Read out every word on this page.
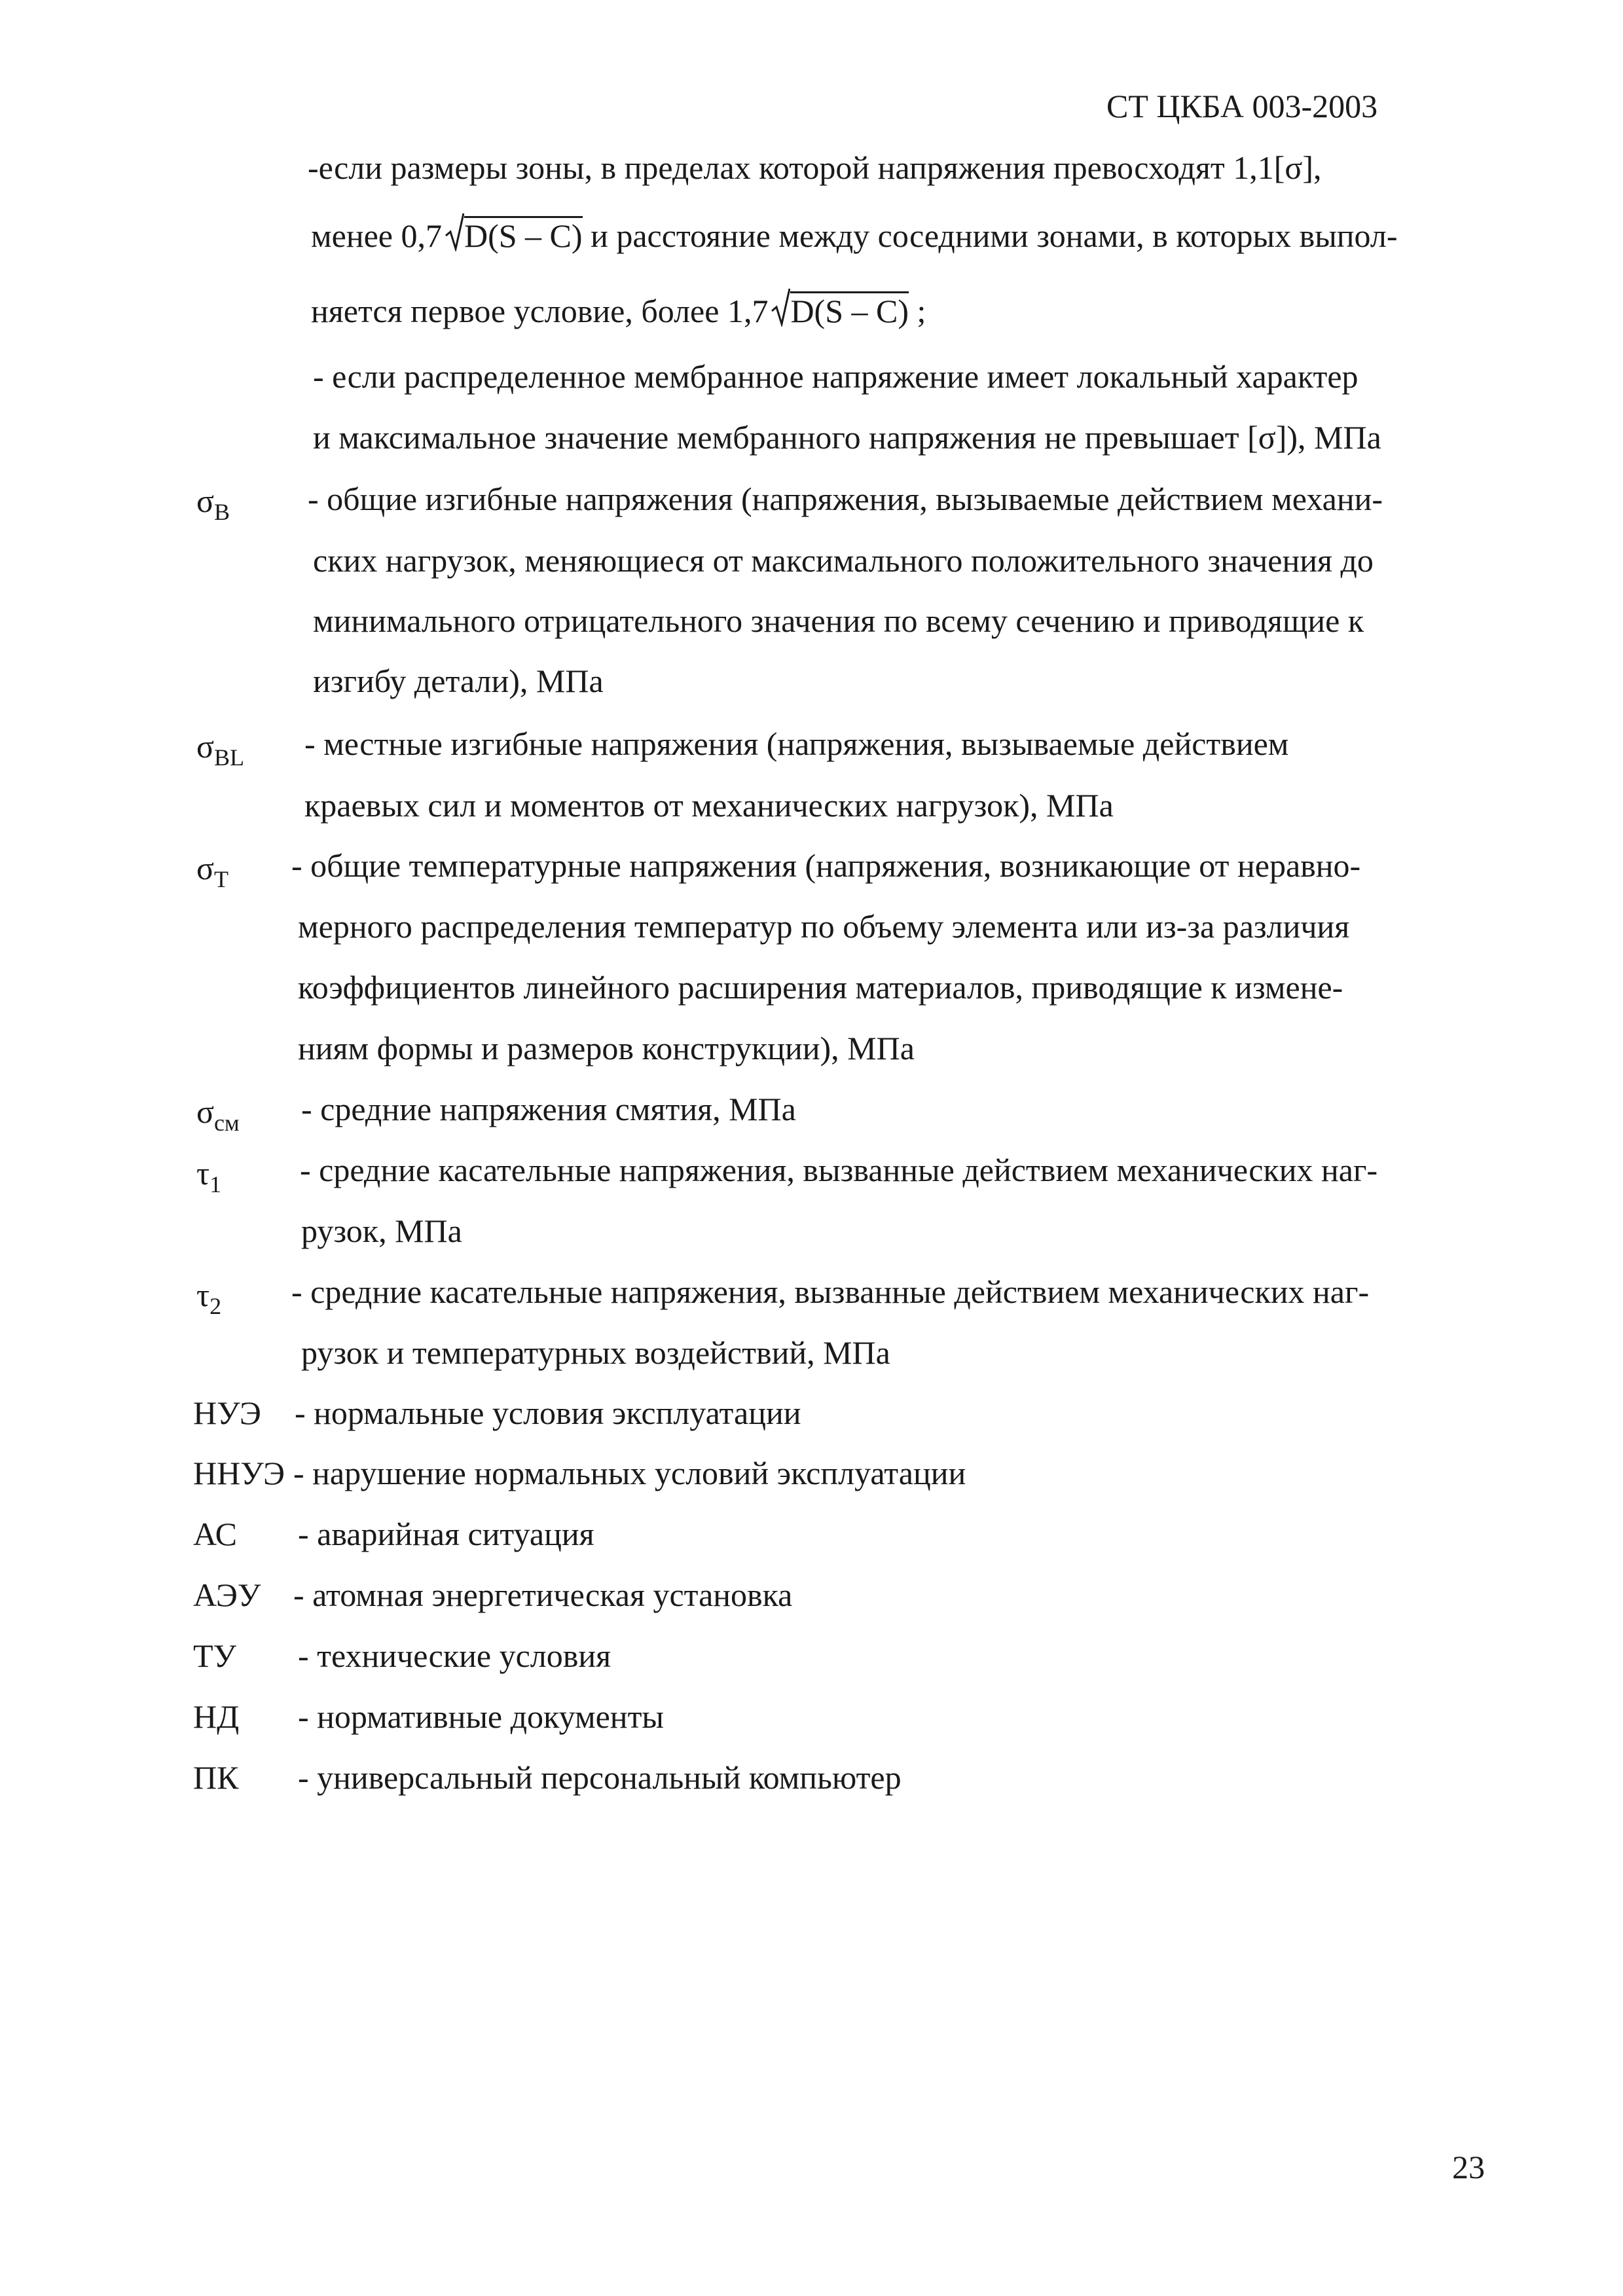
СТ ЦКБА 003-2003
-если размеры зоны, в пределах которой напряжения превосходят 1,1[σ],
менее 0,7 D(S – C) и расстояние между соседними зонами, в которых выпол-
няется первое условие, более 1,7 D(S – C) ;
- если распределенное мембранное напряжение имеет локальный характер
и максимальное значение мембранного напряжения не превышает [σ]), МПа
$\sigma_B$ - общие изгибные напряжения (напряжения, вызываемые действием механи-
ских нагрузок, меняющиеся от максимального положительного значения до
минимального отрицательного значения по всему сечению и приводящие к
изгибу детали), МПа
$\sigma_{BL}$ - местные изгибные напряжения (напряжения, вызываемые действием
краевых сил и моментов от механических нагрузок), МПа
$\sigma_T$ - общие температурные напряжения (напряжения, возникающие от неравно-
мерного распределения температур по объему элемента или из-за различия
коэффициентов линейного расширения материалов, приводящие к измене-
ниям формы и размеров конструкции), МПа
$\sigma_{см}$ - средние напряжения смятия, МПа
$\tau_1$ - средние касательные напряжения, вызванные действием механических наг-
рузок, МПа
$\tau_2$ - средние касательные напряжения, вызванные действием механических наг-
рузок и температурных воздействий, МПа
НУЭ - нормальные условия эксплуатации
ННУЭ - нарушение нормальных условий эксплуатации
АС - аварийная ситуация
АЭУ - атомная энергетическая установка
ТУ - технические условия
НД - нормативные документы
ПК - универсальный персональный компьютер
23
